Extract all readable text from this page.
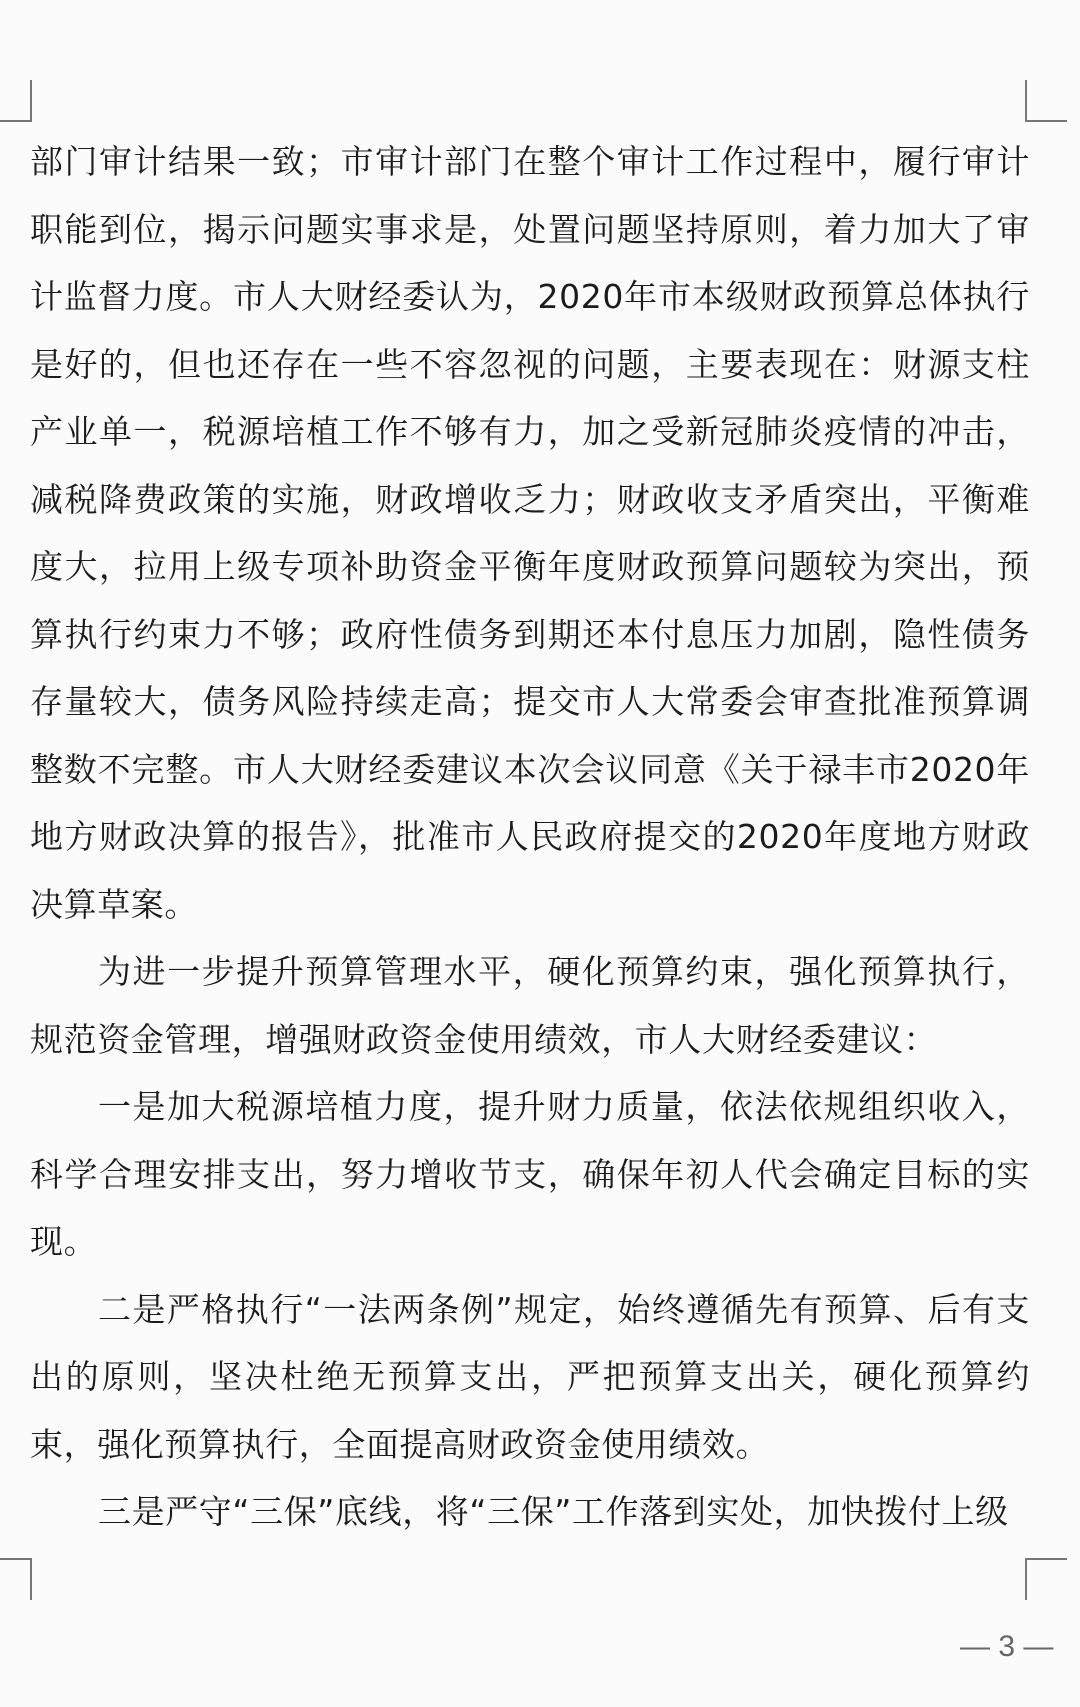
部门审计结果一致；市审计部门在整个审计工作过程中，履行审计职能到位，揭示问题实事求是，处置问题坚持原则，着力加大了审计监督力度。市人大财经委认为，2020年市本级财政预算总体执行是好的，但也还存在一些不容忽视的问题，主要表现在：财源支柱产业单一，税源培植工作不够有力，加之受新冠肺炎疫情的冲击，减税降费政策的实施，财政增收乏力；财政收支矛盾突出，平衡难度大，拉用上级专项补助资金平衡年度财政预算问题较为突出，预算执行约束力不够；政府性债务到期还本付息压力加剧，隐性债务存量较大，债务风险持续走高；提交市人大常委会审查批准预算调整数不完整。市人大财经委建议本次会议同意《关于禄丰市2020年地方财政决算的报告》，批准市人民政府提交的2020年度地方财政决算草案。

为进一步提升预算管理水平，硬化预算约束，强化预算执行，规范资金管理，增强财政资金使用绩效，市人大财经委建议：

一是加大税源培植力度，提升财力质量，依法依规组织收入，科学合理安排支出，努力增收节支，确保年初人代会确定目标的实现。

二是严格执行“一法两条例”规定，始终遵循先有预算、后有支出的原则，坚决杜绝无预算支出，严把预算支出关，硬化预算约束，强化预算执行，全面提高财政资金使用绩效。

三是严守“三保”底线，将“三保”工作落到实处，加快拨付上级

— 3 —
